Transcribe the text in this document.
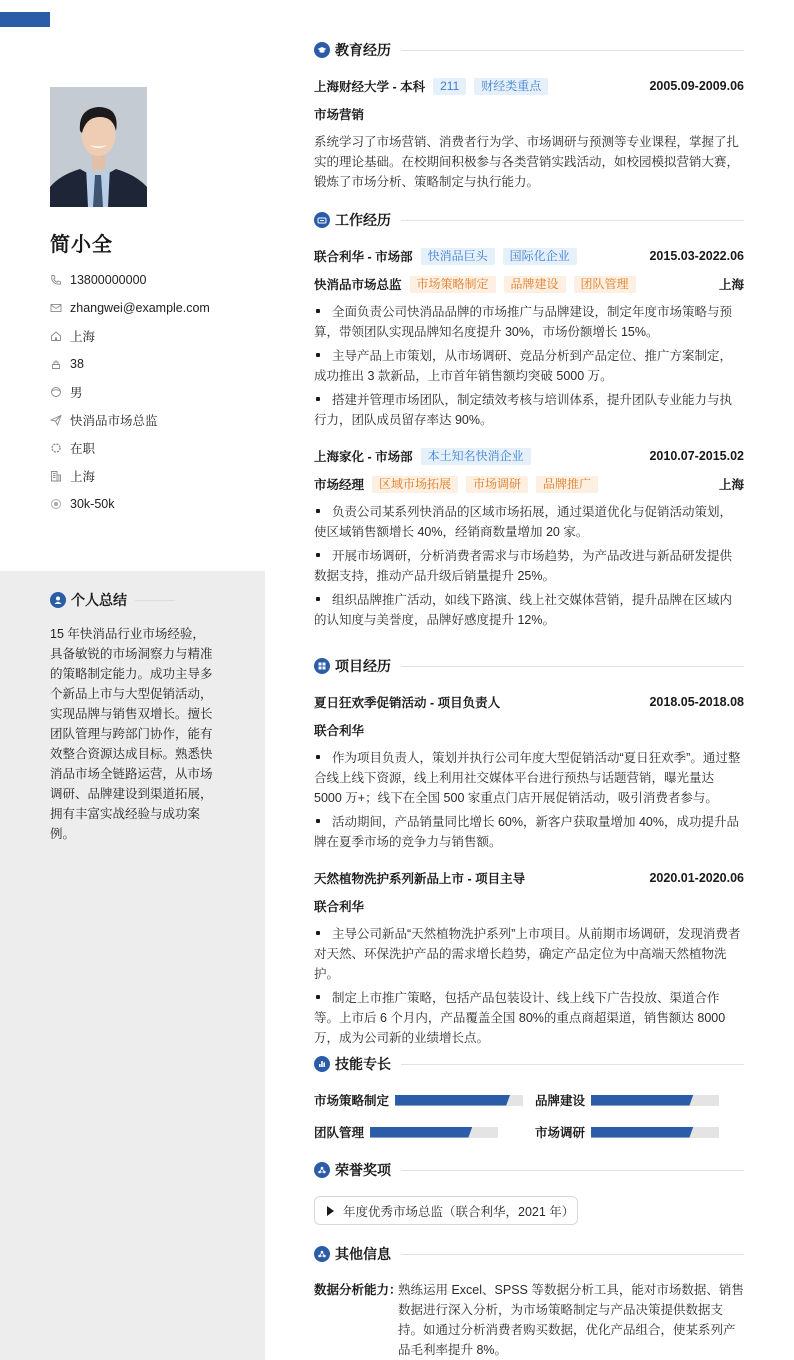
简小全
13800000000
zhangwei@example.com
上海
38
男
快消品市场总监
在职
上海
30k-50k
个人总结
15 年快消品行业市场经验，具备敏锐的市场洞察力与精准的策略制定能力。成功主导多个新品上市与大型促销活动，实现品牌与销售双增长。擅长团队管理与跨部门协作，能有效整合资源达成目标。熟悉快消品市场全链路运营，从市场调研、品牌建设到渠道拓展，拥有丰富实战经验与成功案例。
教育经历
上海财经大学 - 本科	211	财经类重点	2005.09-2009.06
市场营销
系统学习了市场营销、消费者行为学、市场调研与预测等专业课程，掌握了扎实的理论基础。在校期间积极参与各类营销实践活动，如校园模拟营销大赛，锻炼了市场分析、策略制定与执行能力。
工作经历
联合利华 - 市场部	快消品巨头	国际化企业	2015.03-2022.06
快消品市场总监	市场策略制定	品牌建设	团队管理	上海
全面负责公司快消品品牌的市场推广与品牌建设，制定年度市场策略与预算，带领团队实现品牌知名度提升 30%，市场份额增长 15%。
主导产品上市策划，从市场调研、竞品分析到产品定位、推广方案制定，成功推出 3 款新品，上市首年销售额均突破 5000 万。
搭建并管理市场团队，制定绩效考核与培训体系，提升团队专业能力与执行力，团队成员留存率达 90%。
上海家化 - 市场部	本土知名快消企业	2010.07-2015.02
市场经理	区域市场拓展	市场调研	品牌推广	上海
负责公司某系列快消品的区域市场拓展，通过渠道优化与促销活动策划，使区域销售额增长 40%，经销商数量增加 20 家。
开展市场调研，分析消费者需求与市场趋势，为产品改进与新品研发提供数据支持，推动产品升级后销量提升 25%。
组织品牌推广活动，如线下路演、线上社交媒体营销，提升品牌在区域内的认知度与美誉度，品牌好感度提升 12%。
项目经历
夏日狂欢季促销活动 - 项目负责人	2018.05-2018.08
联合利华
作为项目负责人，策划并执行公司年度大型促销活动“夏日狂欢季”。通过整合线上线下资源，线上利用社交媒体平台进行预热与话题营销，曝光量达 5000 万+；线下在全国 500 家重点门店开展促销活动，吸引消费者参与。
活动期间，产品销量同比增长 60%，新客户获取量增加 40%，成功提升品牌在夏季市场的竞争力与销售额。
天然植物洗护系列新品上市 - 项目主导	2020.01-2020.06
联合利华
主导公司新品“天然植物洗护系列”上市项目。从前期市场调研，发现消费者对天然、环保洗护产品的需求增长趋势，确定产品定位为中高端天然植物洗护。
制定上市推广策略，包括产品包装设计、线上线下广告投放、渠道合作等。上市后 6 个月内，产品覆盖全国 80%的重点商超渠道，销售额达 8000 万，成为公司新的业绩增长点。
技能专长
市场策略制定	品牌建设
团队管理	市场调研
荣誉奖项
年度优秀市场总监（联合利华，2021 年）
其他信息
数据分析能力：
熟练运用 Excel、SPSS 等数据分析工具，能对市场数据、销售数据进行深入分析，为市场策略制定与产品决策提供数据支持。如通过分析消费者购买数据，优化产品组合，使某系列产品毛利率提升 8%。
